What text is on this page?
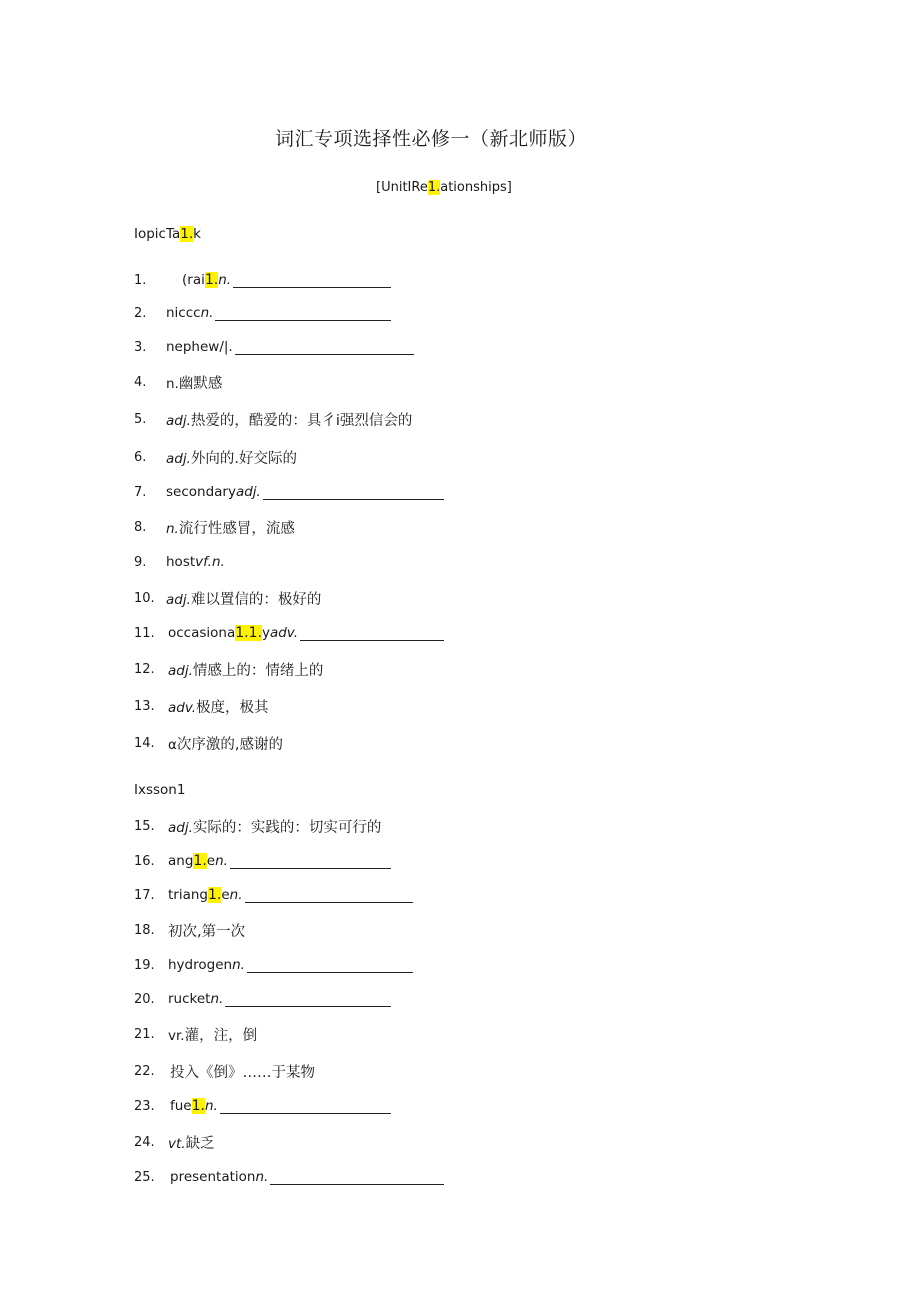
词汇专项选择性必修一（新北师版）
[UnitIRe1.ationships]
IopicTa1.k
Ixsson1
1.	(rai1.n.
2.	nicccn.
3.	nephew/|.
4.	n.幽默感
5.	adj.热爱的，酷爱的：具彳i强烈信会的
6.	adj.外向的.好交际的
7.	secondaryadj.
8.	n.流行性感冒，流感
9.	hostvf.n.
10. adj.难以置信的：极好的
11. occasiona1.1.yadv.
12. adj.情感上的：情绪上的
13. adv.极度，极其
14. α次序激的,感谢的
15. adj.实际的：实践的：切实可行的
16. ang1.en.
17. triang1.en.
18. 初次,第一次
19. hydrogenn.
20. rucketn.
21. vr.灌，注，倒
22.	投入《倒》……于某物
23.	fue1.n.
24. vt.缺乏
25.	presentationn.
